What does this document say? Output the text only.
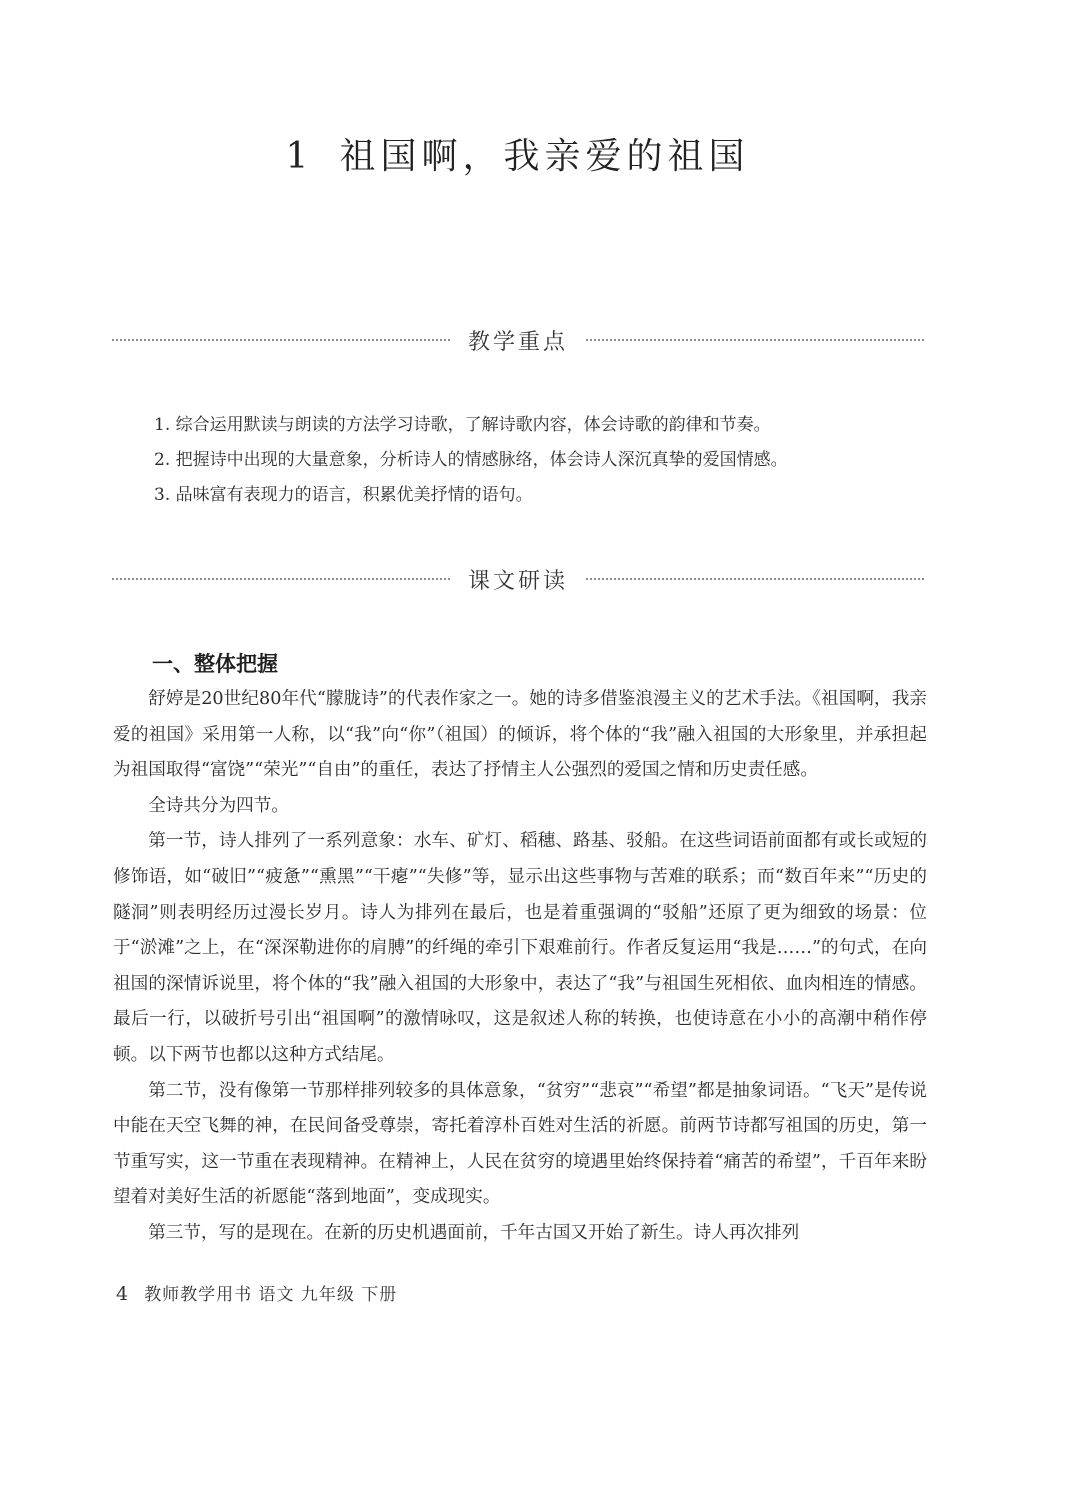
1 祖国啊，我亲爱的祖国
教学重点
1. 综合运用默读与朗读的方法学习诗歌，了解诗歌内容，体会诗歌的韵律和节奏。
2. 把握诗中出现的大量意象，分析诗人的情感脉络，体会诗人深沉真挚的爱国情感。
3. 品味富有表现力的语言，积累优美抒情的语句。
课文研读
一、整体把握

舒婷是20世纪80年代“朦胧诗”的代表作家之一。她的诗多借鉴浪漫主义的艺术手法。《祖国啊，我亲爱的祖国》采用第一人称，以“我”向“你”（祖国）的倾诉，将个体的“我”融入祖国的大形象里，并承担起为祖国取得“富饶”“荣光”“自由”的重任，表达了抒情主人公强烈的爱国之情和历史责任感。

全诗共分为四节。

第一节，诗人排列了一系列意象：水车、矿灯、稻穗、路基、驳船。在这些词语前面都有或长或短的修饰语，如“破旧”“疲惫”“熏黑”“干瘪”“失修”等，显示出这些事物与苦难的联系；而“数百年来”“历史的隧洞”则表明经历过漫长岁月。诗人为排列在最后，也是着重强调的“驳船”还原了更为细致的场景：位于“淤滩”之上，在“深深勒进你的肩膊”的纤绳的牵引下艰难前行。作者反复运用“我是……”的句式，在向祖国的深情诉说里，将个体的“我”融入祖国的大形象中，表达了“我”与祖国生死相依、血肉相连的情感。最后一行，以破折号引出“祖国啊”的激情咏叹，这是叙述人称的转换，也使诗意在小小的高潮中稍作停顿。以下两节也都以这种方式结尾。

第二节，没有像第一节那样排列较多的具体意象，“贫穷”“悲哀”“希望”都是抽象词语。“飞天”是传说中能在天空飞舞的神，在民间备受尊崇，寄托着淳朴百姓对生活的祈愿。前两节诗都写祖国的历史，第一节重写实，这一节重在表现精神。在精神上，人民在贫穷的境遇里始终保持着“痛苦的希望”，千百年来盼望着对美好生活的祈愿能“落到地面”，变成现实。

第三节，写的是现在。在新的历史机遇面前，千年古国又开始了新生。诗人再次排列

4 教师教学用书 语文 九年级 下册
